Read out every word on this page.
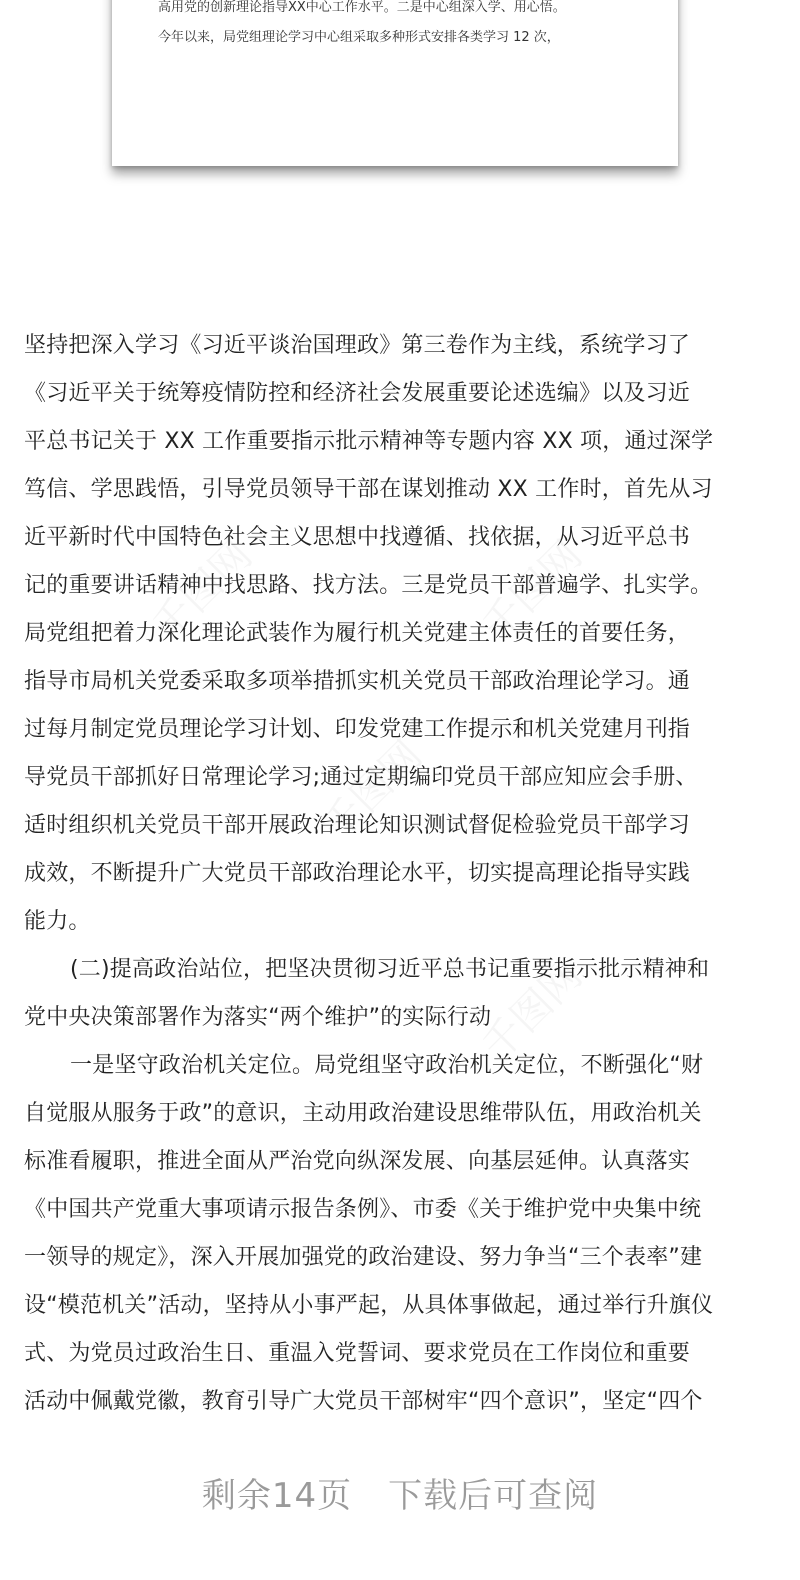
高用党的创新理论指导XX中心工作水平。二是中心组深入学、用心悟。
今年以来，局党组理论学习中心组采取多种形式安排各类学习 12 次，
千图网	千图网
千图网
千图网
坚持把深入学习《习近平谈治国理政》第三卷作为主线，系统学习了
《习近平关于统筹疫情防控和经济社会发展重要论述选编》以及习近
平总书记关于 XX 工作重要指示批示精神等专题内容 XX 项，通过深学
笃信、学思践悟，引导党员领导干部在谋划推动 XX 工作时，首先从习
近平新时代中国特色社会主义思想中找遵循、找依据，从习近平总书
记的重要讲话精神中找思路、找方法。三是党员干部普遍学、扎实学。
局党组把着力深化理论武装作为履行机关党建主体责任的首要任务，
指导市局机关党委采取多项举措抓实机关党员干部政治理论学习。通
过每月制定党员理论学习计划、印发党建工作提示和机关党建月刊指
导党员干部抓好日常理论学习;通过定期编印党员干部应知应会手册、
适时组织机关党员干部开展政治理论知识测试督促检验党员干部学习
成效，不断提升广大党员干部政治理论水平，切实提高理论指导实践
能力。
(二)提高政治站位，把坚决贯彻习近平总书记重要指示批示精神和
党中央决策部署作为落实“两个维护”的实际行动
一是坚守政治机关定位。局党组坚守政治机关定位，不断强化“财
自觉服从服务于政”的意识，主动用政治建设思维带队伍，用政治机关
标准看履职，推进全面从严治党向纵深发展、向基层延伸。认真落实
《中国共产党重大事项请示报告条例》、市委《关于维护党中央集中统
一领导的规定》，深入开展加强党的政治建设、努力争当“三个表率”建
设“模范机关”活动，坚持从小事严起，从具体事做起，通过举行升旗仪
式、为党员过政治生日、重温入党誓词、要求党员在工作岗位和重要
活动中佩戴党徽，教育引导广大党员干部树牢“四个意识”，坚定“四个
剩余14页 下载后可查阅
